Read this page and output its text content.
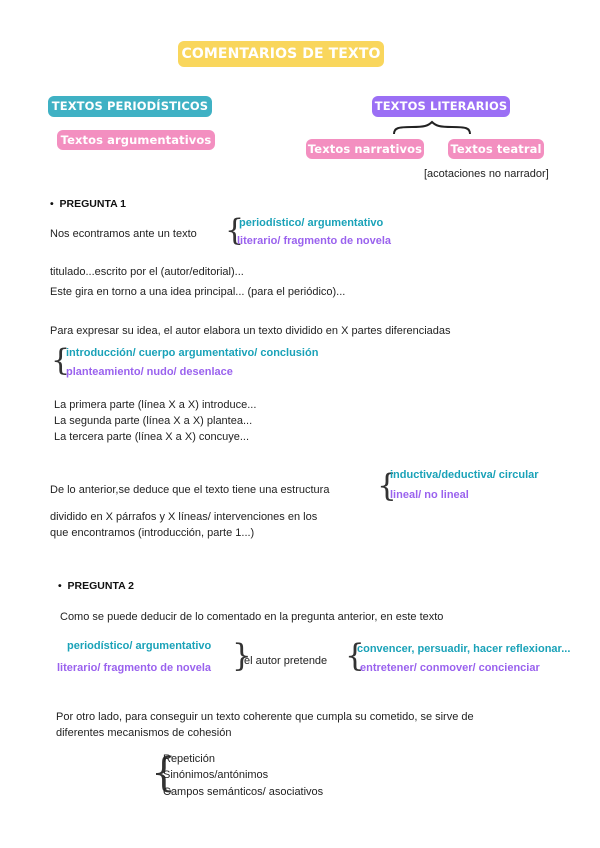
COMENTARIOS DE TEXTO
TEXTOS PERIODÍSTICOS
Textos argumentativos
TEXTOS LITERARIOS
Textos narrativos Textos teatral
[acotaciones no narrador]
•  PREGUNTA 1
Nos econtramos ante un texto {
periodístico/ argumentativo
literario/ fragmento de novela
titulado...escrito por el (autor/editorial)...
Este gira en torno a una idea principal... (para el periódico)...
Para expresar su idea, el autor elabora un texto dividido en X partes diferenciadas
{
introducción/ cuerpo argumentativo/ conclusión
planteamiento/ nudo/ desenlace
La primera parte (línea X a X) introduce...
La segunda parte (línea X a X) plantea...
La tercera parte (línea X a X) concuye...
De lo anterior,se deduce que el texto tiene una estructura {
inductiva/deductiva/ circular
lineal/ no lineal
dividido en X párrafos y X líneas/ intervenciones en los
que encontramos (introducción, parte 1...)
•  PREGUNTA 2
Como se puede deducir de lo comentado en la pregunta anterior, en este texto
periodístico/ argumentativo
literario/ fragmento de novela }
el autor pretende {
convencer, persuadir, hacer reflexionar...
entretener/ conmover/ concienciar
Por otro lado, para conseguir un texto coherente que cumpla su cometido, se sirve de
diferentes mecanismos de cohesión
{
Repetición
Sinónimos/antónimos
Campos semánticos/ asociativos
